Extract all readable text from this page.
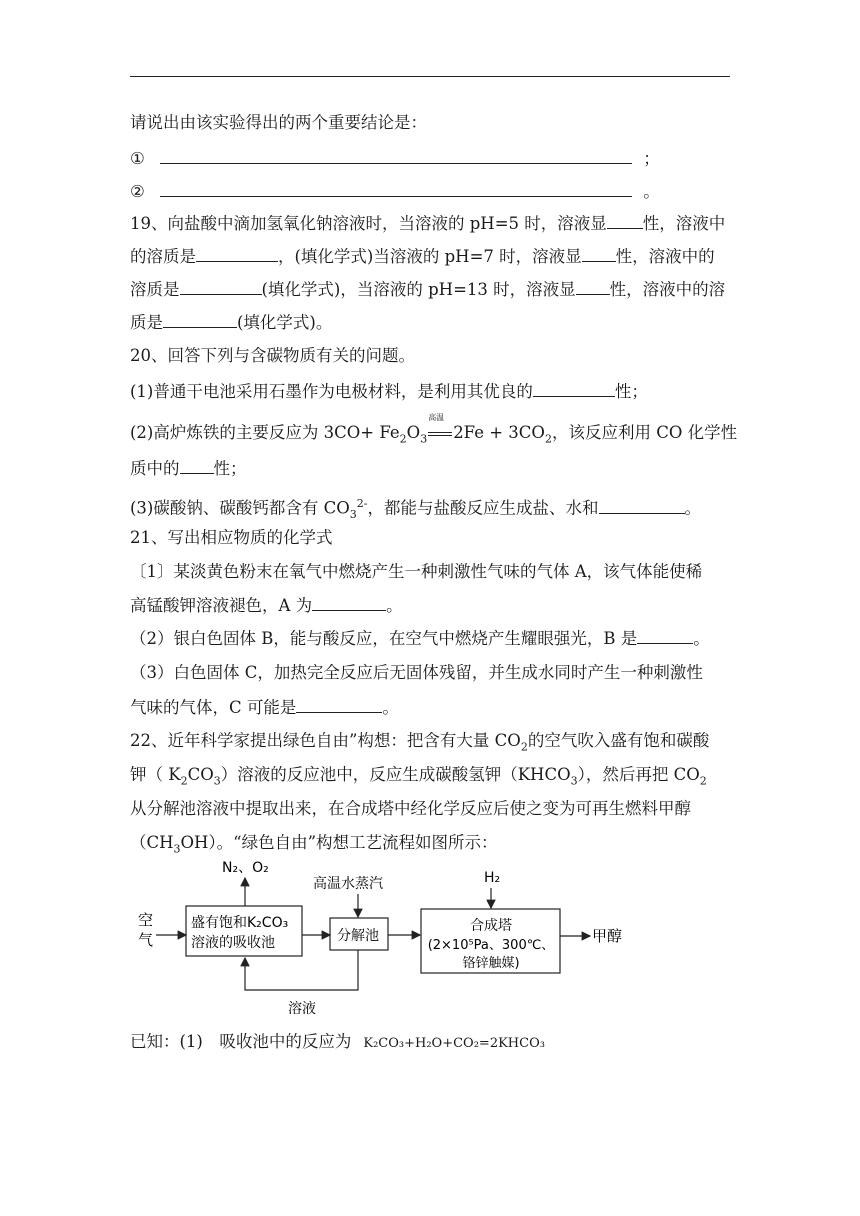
请说出由该实验得出的两个重要结论是：
①	；
②	。
19、向盐酸中滴加氢氧化钠溶液时，当溶液的 pH=5 时，溶液显 性，溶液中
的溶质是	，(填化学式)当溶液的 pH=7 时，溶液显 性，溶液中的
溶质是	(填化学式)，当溶液的 pH=13 时，溶液显 性，溶液中的溶
质是	(填化学式)。
20、回答下列与含碳物质有关的问题。
(1)普通干电池采用石墨作为电极材料，是利用其优良的	性；
(2)高炉炼铁的主要反应为 $3CO+ Fe_2O_3$
高温
$2Fe + 3CO_2$，该反应利用 CO 化学性
质中的 性；
(3)碳酸钠、碳酸钙都含有 $CO_3^{2-}$，都能与盐酸反应生成盐、水和	。
21、写出相应物质的化学式
〔1〕某淡黄色粉末在氧气中燃烧产生一种刺激性气味的气体 A，该气体能使稀
高锰酸钾溶液褪色，A 为	。
（2）银白色固体 B，能与酸反应，在空气中燃烧产生耀眼强光，B 是	。
（3）白色固体 C，加热完全反应后无固体残留，并生成水同时产生一种刺激性
气味的气体，C 可能是	。
22、近年科学家提出绿色自由”构想：把含有大量 $CO_2$的空气吹入盛有饱和碳酸
钾（ $K_2CO_3$）溶液的反应池中，反应生成碳酸氢钾$(KHCO_3)$，然后再把 $CO_2$
从分解池溶液中提取出来，在合成塔中经化学反应后使之变为可再生燃料甲醇
$(CH_3OH)$。“绿色自由”构想工艺流程如图所示：
空
气
盛有饱和K₂CO₃
溶液的吸收池
N₂、O₂
高温水蒸汽
分解池
溶液
H₂
合成塔
(2×10⁵Pa、300℃、
铬锌触媒)
甲醇
已知：(1)　吸收池中的反应为 K₂CO₃+H₂O+CO₂=2KHCO₃
